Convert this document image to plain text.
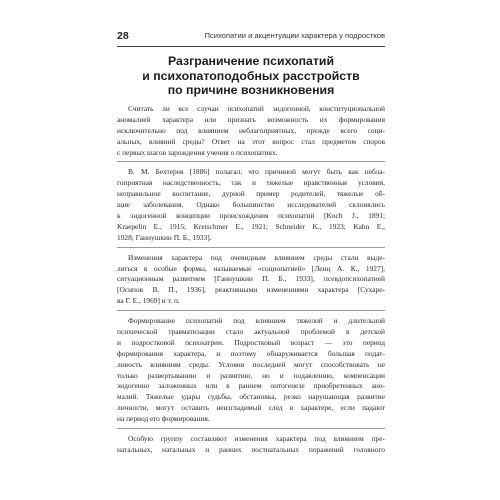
28	Психопатии и акцентуации характера у подростков
Разграничение психопатий
и психопатоподобных расстройств
по причине возникновения
Считать ли все случаи психопатий эндогенной, конституциональной
аномалией характера или признать возможность их формирования
исключительно под влиянием неблагоприятных, прежде всего соци-
альных, влияний среды? Ответ на этот вопрос стал предметом споров
с первых шагов зарождения учения о психопатиях.
В. М. Бехтерев [1886] полагал, что причиной могут быть как небла-
гоприятная наследственность, так и тяжелые нравственные условия,
неправильное воспитание, дурной пример родителей, тяжелые об-
щие заболевания. Однако большинство исследователей склонялись
к эндогенной концепции происхождения психопатий [Koch J., 1891;
Kraepelin E., 1915; Kretschmer E., 1921; Schneider K., 1923; Kahn E.,
1928; Ганнушкин П. Б., 1933].
Изменения характера под очевидным влиянием среды стали выде-
ляться в особые формы, называемые «социопатией» [Ленц А. К., 1927],
ситуационным развитием [Ганнушкин П. Б., 1933], псевдопсихопатией
[Осипов В. П., 1936], реактивными изменениями характера [Сухаре-
ва Г. Е., 1969] и т. п.
Формирование психопатий под влиянием тяжелой и длительной
психической травматизации стало актуальной проблемой в детской
и подростковой психиатрии. Подростковый возраст — это период
формирования характера, и поэтому обнаруживается большая подат-
ливость влияниям среды. Условия последней могут способствовать не
только развертыванию и развитию, но и подавлению, компенсации
эндогенно заложенных или в раннем онтогенезе приобретенных ано-
малий. Тяжелые удары судьбы, обстановка, резко нарушающая развитие
личности, могут оставить неизгладимый след в характере, если падают
на период его формирования.
Особую группу составляют изменения характера под влиянием пре-
натальных, натальных и ранних постнатальных поражений головного
